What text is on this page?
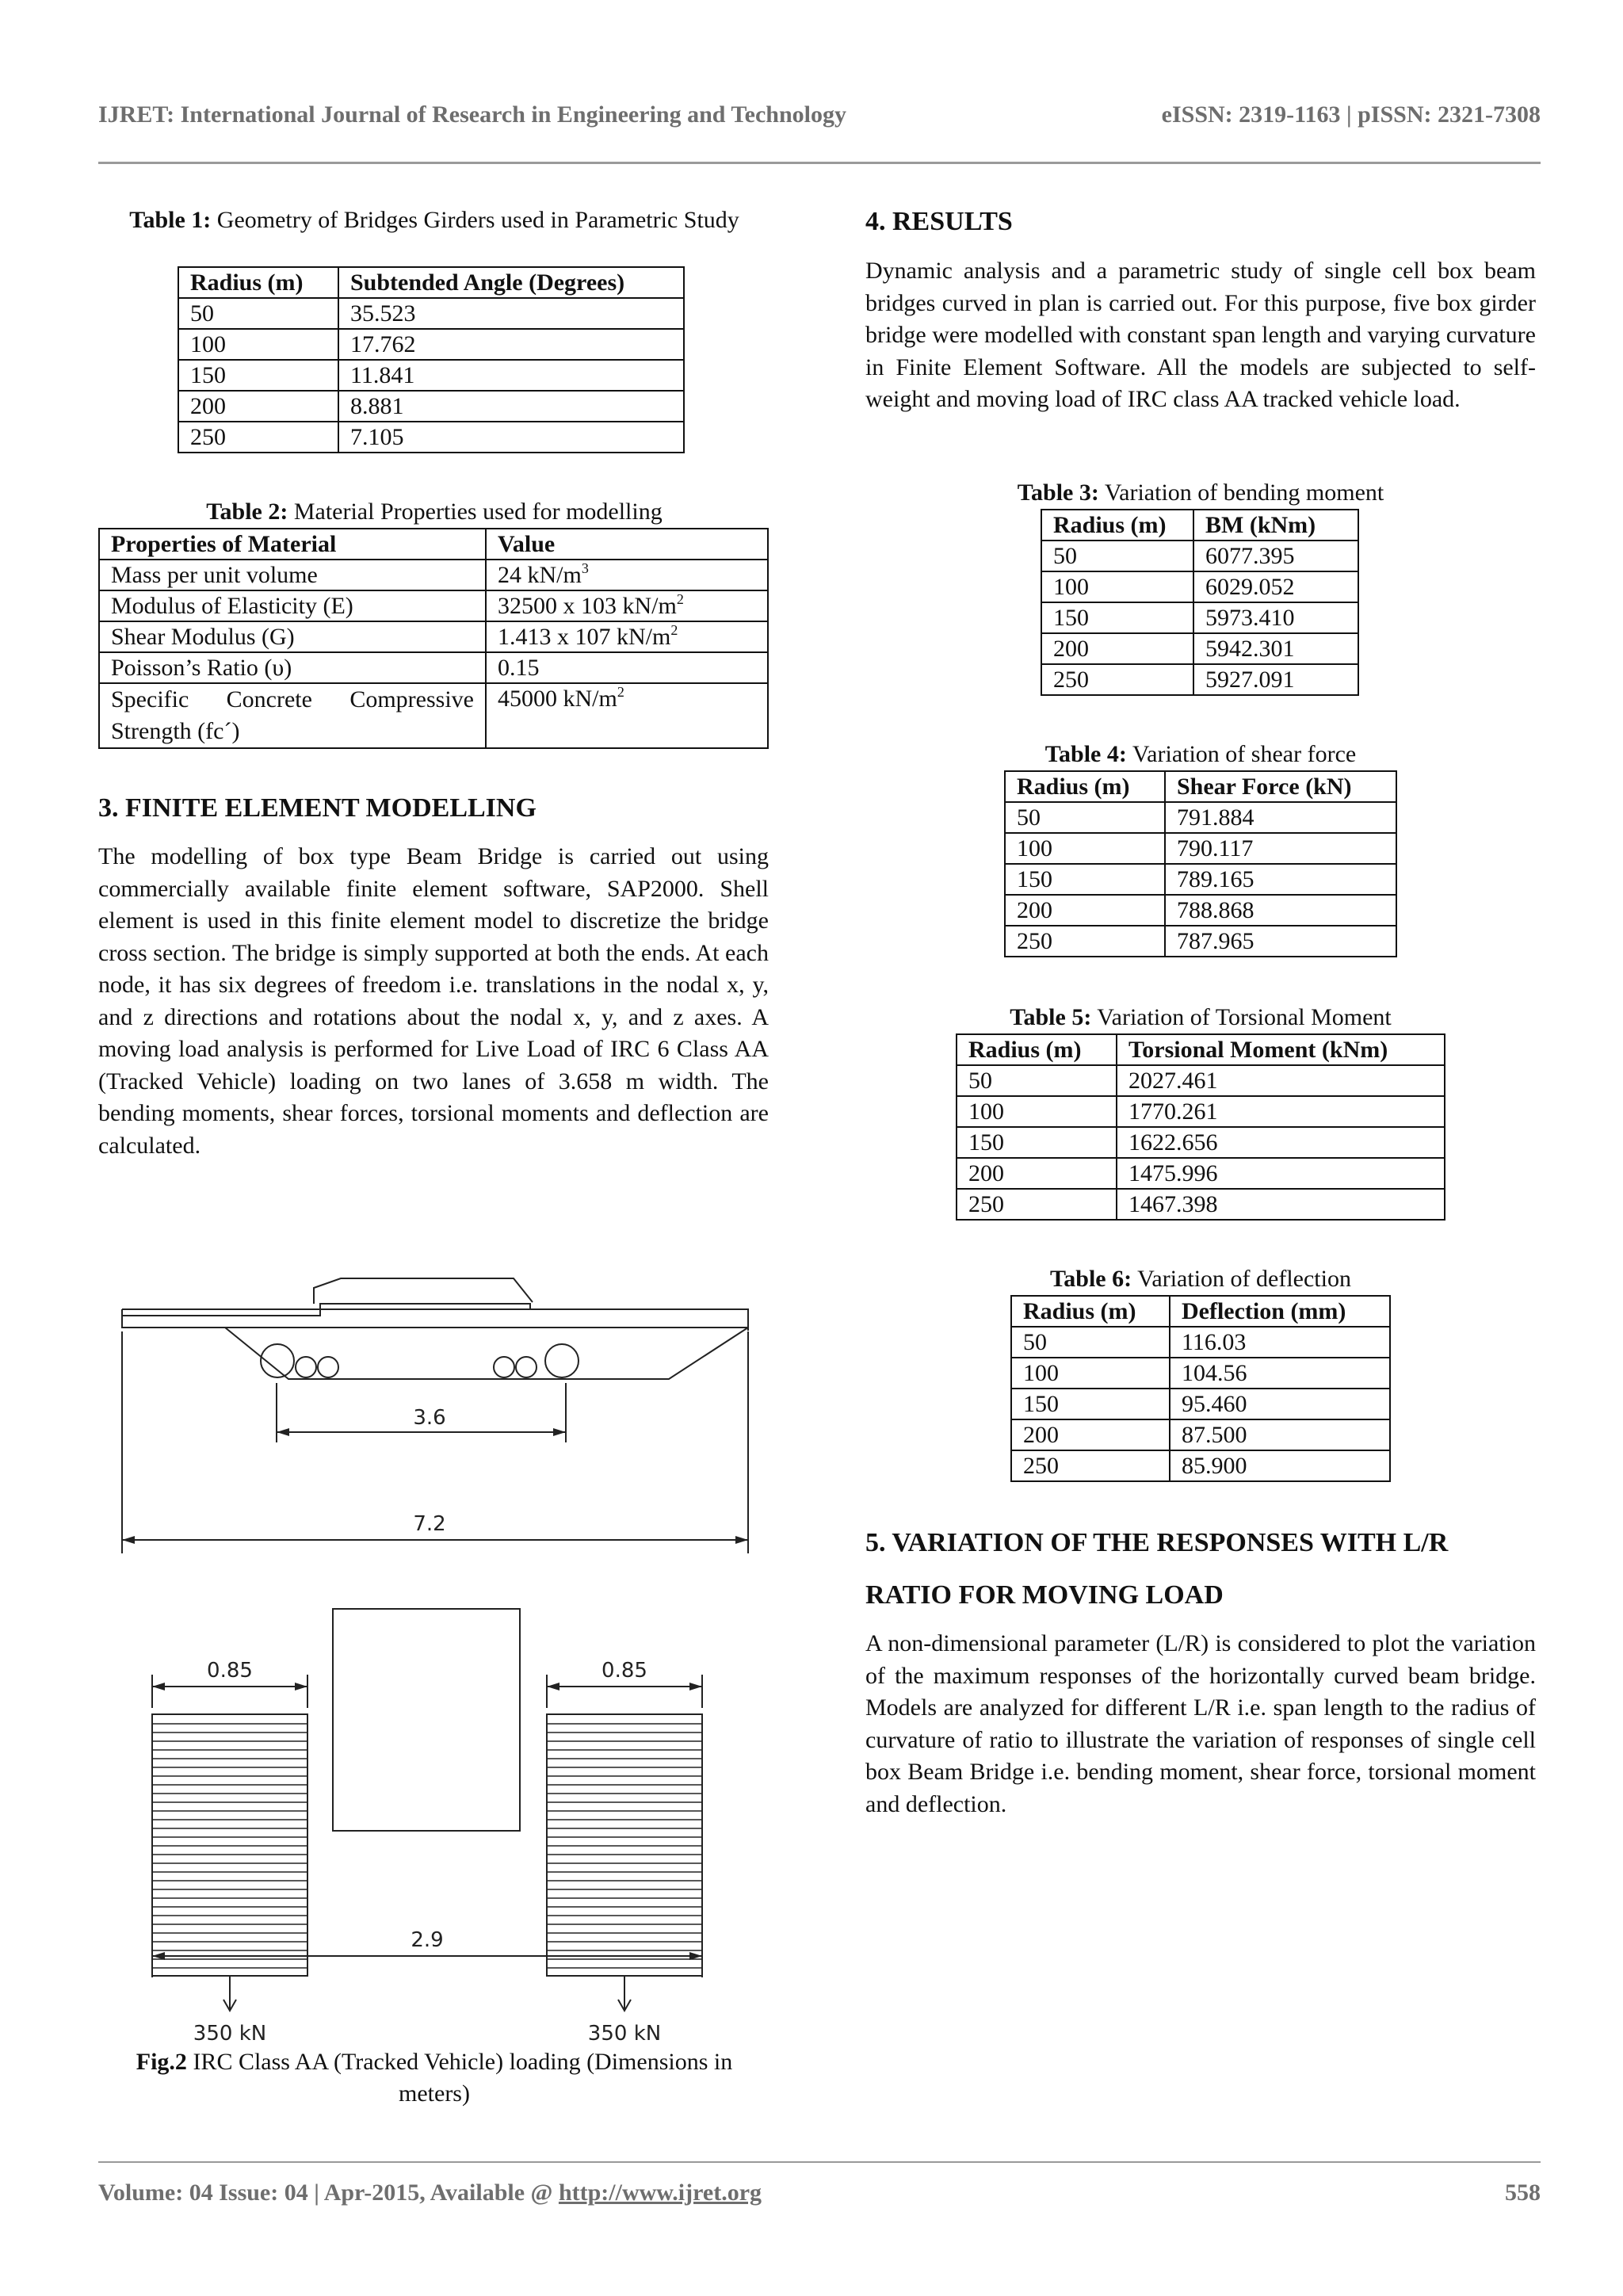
IJRET: International Journal of Research in Engineering and Technology	eISSN: 2319-1163 | pISSN: 2321-7308
Table 1: Geometry of Bridges Girders used in Parametric Study
Radius (m)	Subtended Angle (Degrees)
50	35.523
100	17.762
150	11.841
200	8.881
250	7.105
Table 2: Material Properties used for modelling
Properties of Material	Value
Mass per unit volume	24 $kN/m^3$
Modulus of Elasticity (E)	32500 x 103 $kN/m^2$
Shear Modulus (G)	1.413 x 107 $kN/m^2$
Poisson’s Ratio (υ)	0.15
Specific Concrete Compressive Strength (fc´)	45000 $kN/m^2$
3. FINITE ELEMENT MODELLING

The modelling of box type Beam Bridge is carried out using commercially available finite element software, SAP2000. Shell element is used in this finite element model to discretize the bridge cross section. The bridge is simply supported at both the ends. At each node, it has six degrees of freedom i.e. translations in the nodal x, y, and z directions and rotations about the nodal x, y, and z axes. A moving load analysis is performed for Live Load of IRC 6 Class AA (Tracked Vehicle) loading on two lanes of 3.658 m width. The bending moments, shear forces, torsional moments and deflection are calculated.

3.6
7.2
0.85	0.85
2.9
350 kN	350 kN
Fig.2 IRC Class AA (Tracked Vehicle) loading (Dimensions in meters)
4. RESULTS

Dynamic analysis and a parametric study of single cell box beam bridges curved in plan is carried out. For this purpose, five box girder bridge were modelled with constant span length and varying curvature in Finite Element Software. All the models are subjected to self-weight and moving load of IRC class AA tracked vehicle load.

Table 3: Variation of bending moment
Radius (m)	BM (kNm)
50	6077.395
100	6029.052
150	5973.410
200	5942.301
250	5927.091
Table 4: Variation of shear force
Radius (m)	Shear Force (kN)
50	791.884
100	790.117
150	789.165
200	788.868
250	787.965
Table 5: Variation of Torsional Moment
Radius (m)	Torsional Moment (kNm)
50	2027.461
100	1770.261
150	1622.656
200	1475.996
250	1467.398
Table 6: Variation of deflection
Radius (m)	Deflection (mm)
50	116.03
100	104.56
150	95.460
200	87.500
250	85.900
5. VARIATION OF THE RESPONSES WITH L/R
RATIO FOR MOVING LOAD

A non-dimensional parameter (L/R) is considered to plot the variation of the maximum responses of the horizontally curved beam bridge. Models are analyzed for different L/R i.e. span length to the radius of curvature of ratio to illustrate the variation of responses of single cell box Beam Bridge i.e. bending moment, shear force, torsional moment and deflection.

Volume: 04 Issue: 04 | Apr-2015, Available @ http://www.ijret.org	558
